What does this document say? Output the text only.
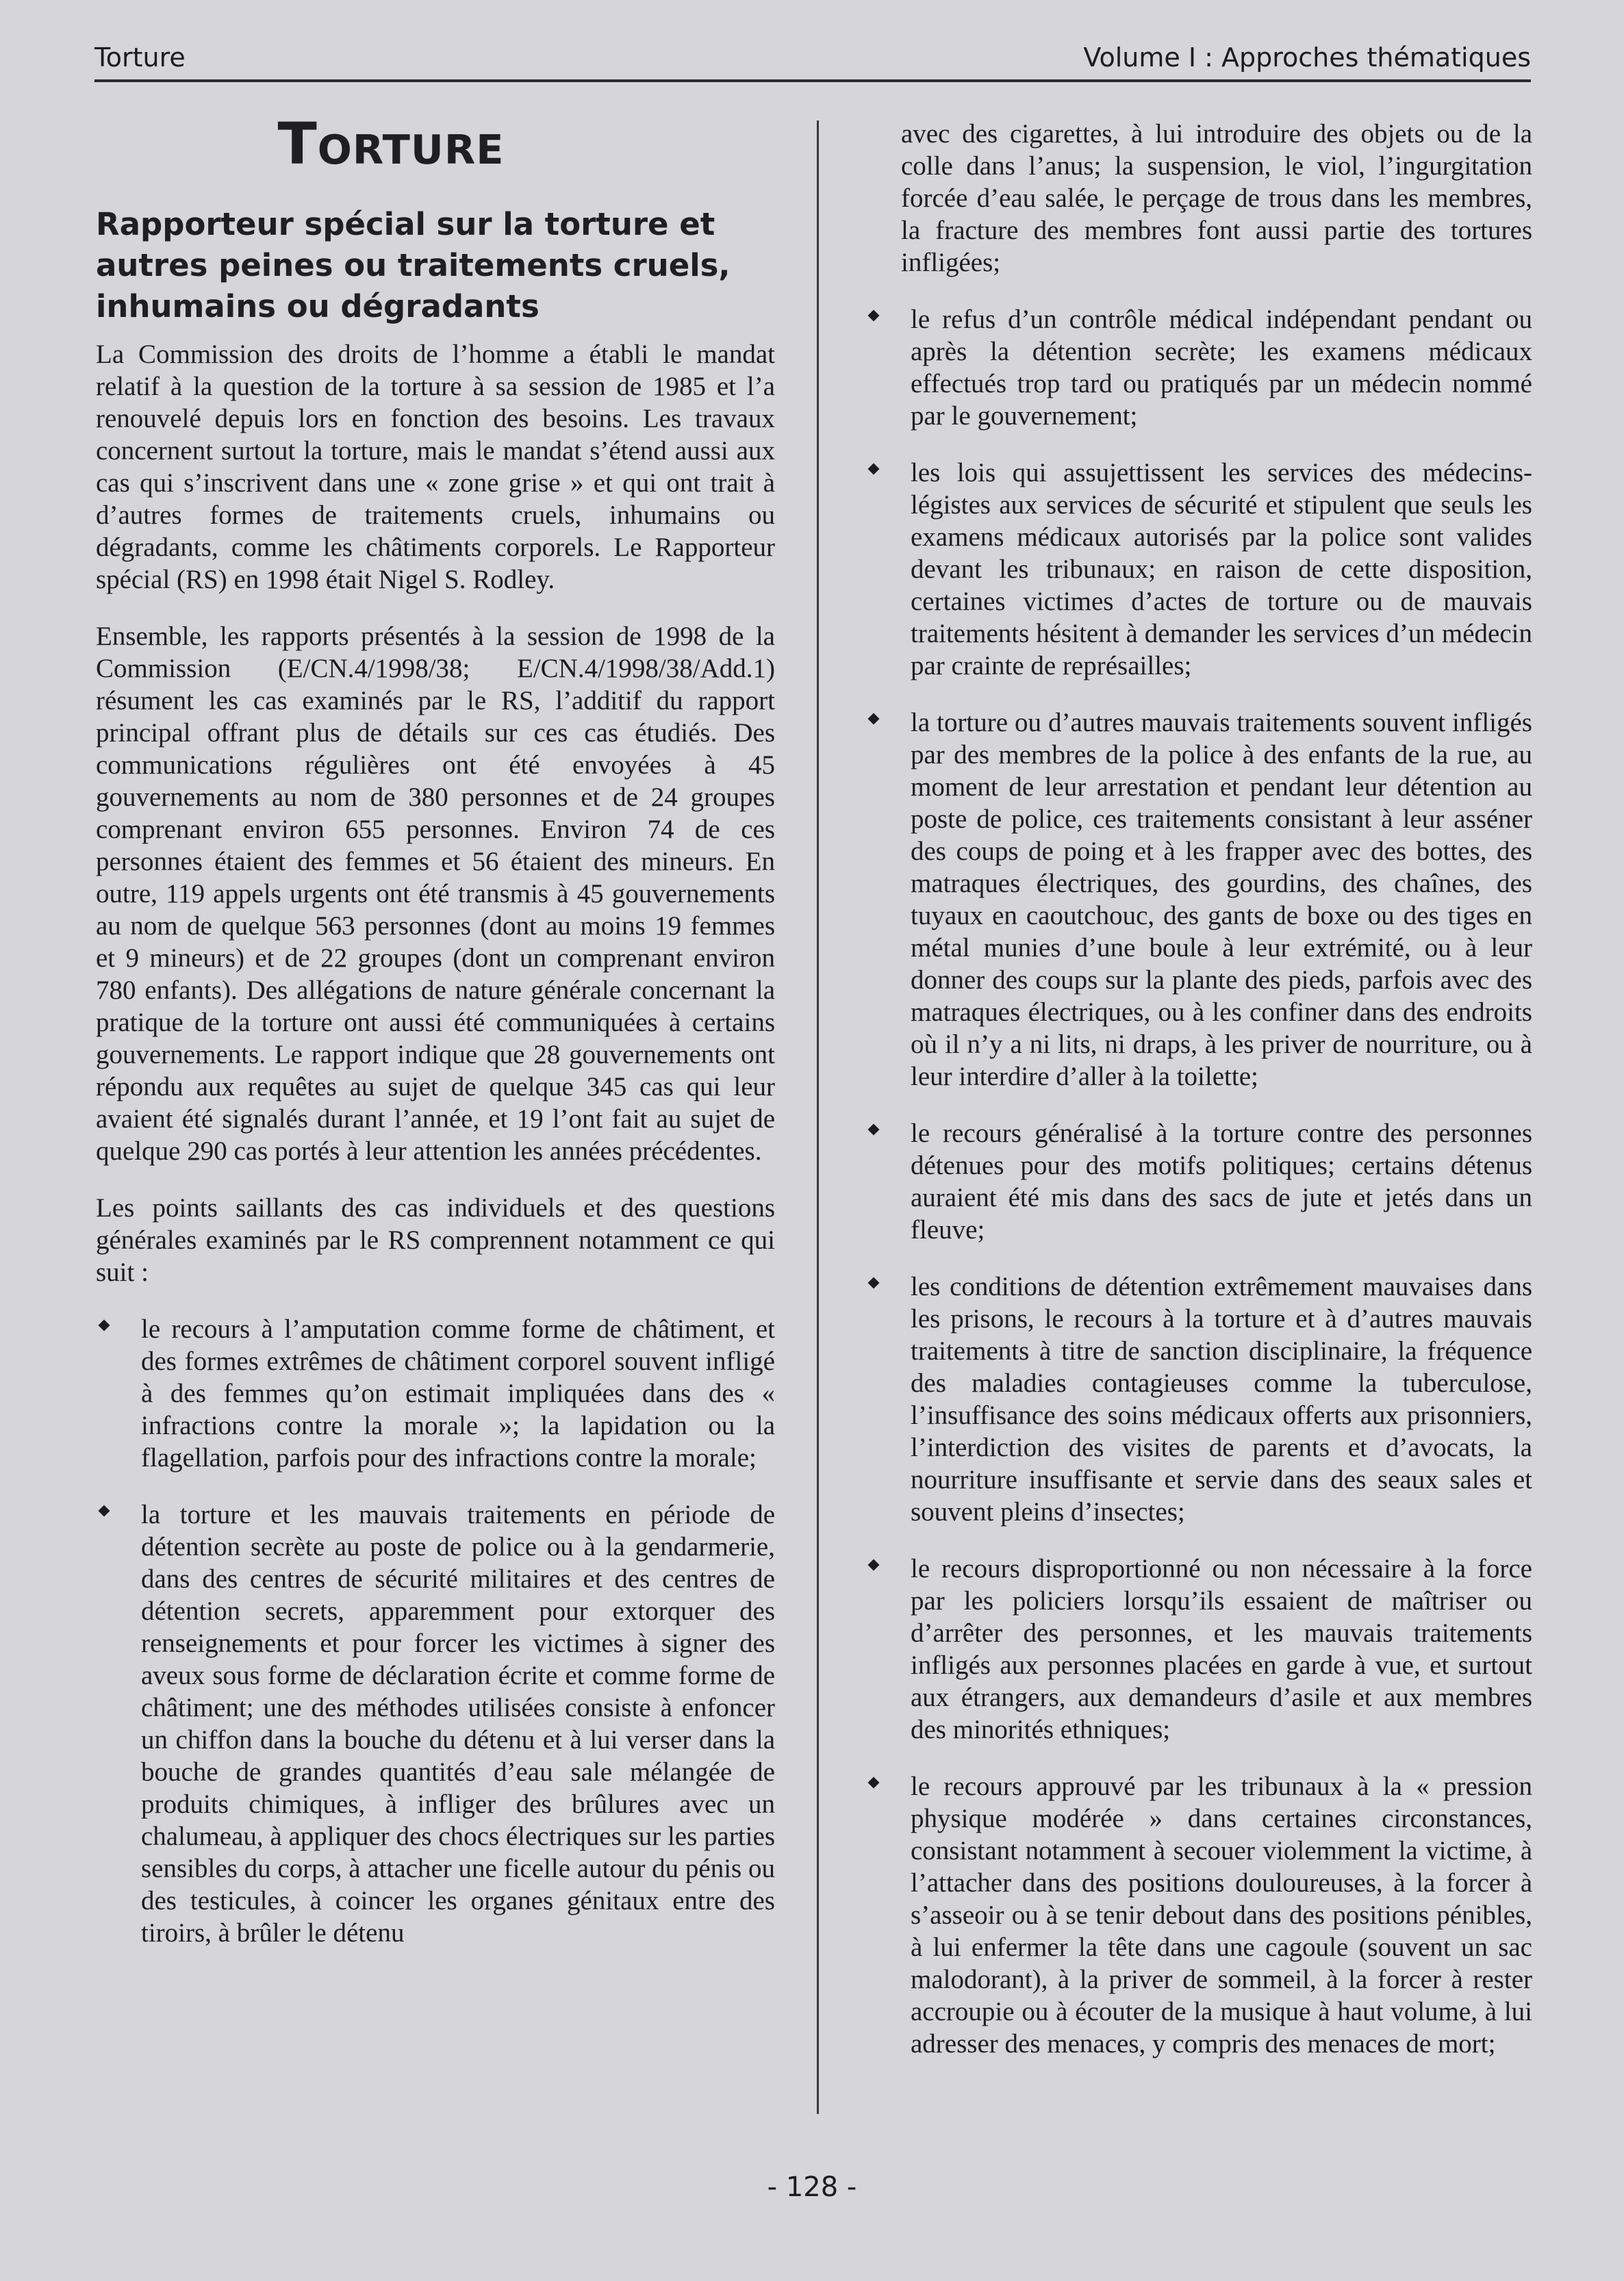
Torture	Volume I : Approches thématiques
Torture
Rapporteur spécial sur la torture et autres peines ou traitements cruels, inhumains ou dégradants

La Commission des droits de l’homme a établi le mandat relatif à la question de la torture à sa session de 1985 et l’a renouvelé depuis lors en fonction des besoins. Les travaux concernent surtout la torture, mais le mandat s’étend aussi aux cas qui s’inscrivent dans une « zone grise » et qui ont trait à d’autres formes de traitements cruels, inhumains ou dégradants, comme les châtiments corporels. Le Rapporteur spécial (RS) en 1998 était Nigel S. Rodley.

Ensemble, les rapports présentés à la session de 1998 de la Commission (E/CN.4/1998/38; E/CN.4/1998/38/Add.1) résument les cas examinés par le RS, l’additif du rapport principal offrant plus de détails sur ces cas étudiés. Des communications régulières ont été envoyées à 45 gouvernements au nom de 380 personnes et de 24 groupes comprenant environ 655 personnes. Environ 74 de ces personnes étaient des femmes et 56 étaient des mineurs. En outre, 119 appels urgents ont été transmis à 45 gouvernements au nom de quelque 563 personnes (dont au moins 19 femmes et 9 mineurs) et de 22 groupes (dont un comprenant environ 780 enfants). Des allégations de nature générale concernant la pratique de la torture ont aussi été communiquées à certains gouvernements. Le rapport indique que 28 gouvernements ont répondu aux requêtes au sujet de quelque 345 cas qui leur avaient été signalés durant l’année, et 19 l’ont fait au sujet de quelque 290 cas portés à leur attention les années précédentes.

Les points saillants des cas individuels et des questions générales examinés par le RS comprennent notamment ce qui suit :

le recours à l’amputation comme forme de châtiment, et des formes extrêmes de châtiment corporel souvent infligé à des femmes qu’on estimait impliquées dans des « infractions contre la morale »; la lapidation ou la flagellation, parfois pour des infractions contre la morale;
la torture et les mauvais traitements en période de détention secrète au poste de police ou à la gendarmerie, dans des centres de sécurité militaires et des centres de détention secrets, apparemment pour extorquer des renseignements et pour forcer les victimes à signer des aveux sous forme de déclaration écrite et comme forme de châtiment; une des méthodes utilisées consiste à enfoncer un chiffon dans la bouche du détenu et à lui verser dans la bouche de grandes quantités d’eau sale mélangée de produits chimiques, à infliger des brûlures avec un chalumeau, à appliquer des chocs électriques sur les parties sensibles du corps, à attacher une ficelle autour du pénis ou des testicules, à coincer les organes génitaux entre des tiroirs, à brûler le détenu

avec des cigarettes, à lui introduire des objets ou de la colle dans l’anus; la suspension, le viol, l’ingurgitation forcée d’eau salée, le perçage de trous dans les membres, la fracture des membres font aussi partie des tortures infligées;

le refus d’un contrôle médical indépendant pendant ou après la détention secrète; les examens médicaux effectués trop tard ou pratiqués par un médecin nommé par le gouvernement;
les lois qui assujettissent les services des médecins-légistes aux services de sécurité et stipulent que seuls les examens médicaux autorisés par la police sont valides devant les tribunaux; en raison de cette disposition, certaines victimes d’actes de torture ou de mauvais traitements hésitent à demander les services d’un médecin par crainte de représailles;
la torture ou d’autres mauvais traitements souvent infligés par des membres de la police à des enfants de la rue, au moment de leur arrestation et pendant leur détention au poste de police, ces traitements consistant à leur asséner des coups de poing et à les frapper avec des bottes, des matraques électriques, des gourdins, des chaînes, des tuyaux en caoutchouc, des gants de boxe ou des tiges en métal munies d’une boule à leur extrémité, ou à leur donner des coups sur la plante des pieds, parfois avec des matraques électriques, ou à les confiner dans des endroits où il n’y a ni lits, ni draps, à les priver de nourriture, ou à leur interdire d’aller à la toilette;
le recours généralisé à la torture contre des personnes détenues pour des motifs politiques; certains détenus auraient été mis dans des sacs de jute et jetés dans un fleuve;
les conditions de détention extrêmement mauvaises dans les prisons, le recours à la torture et à d’autres mauvais traitements à titre de sanction disciplinaire, la fréquence des maladies contagieuses comme la tuberculose, l’insuffisance des soins médicaux offerts aux prisonniers, l’interdiction des visites de parents et d’avocats, la nourriture insuffisante et servie dans des seaux sales et souvent pleins d’insectes;
le recours disproportionné ou non nécessaire à la force par les policiers lorsqu’ils essaient de maîtriser ou d’arrêter des personnes, et les mauvais traitements infligés aux personnes placées en garde à vue, et surtout aux étrangers, aux demandeurs d’asile et aux membres des minorités ethniques;
le recours approuvé par les tribunaux à la « pression physique modérée » dans certaines circonstances, consistant notamment à secouer violemment la victime, à l’attacher dans des positions douloureuses, à la forcer à s’asseoir ou à se tenir debout dans des positions pénibles, à lui enfermer la tête dans une cagoule (souvent un sac malodorant), à la priver de sommeil, à la forcer à rester accroupie ou à écouter de la musique à haut volume, à lui adresser des menaces, y compris des menaces de mort;
- 128 -
